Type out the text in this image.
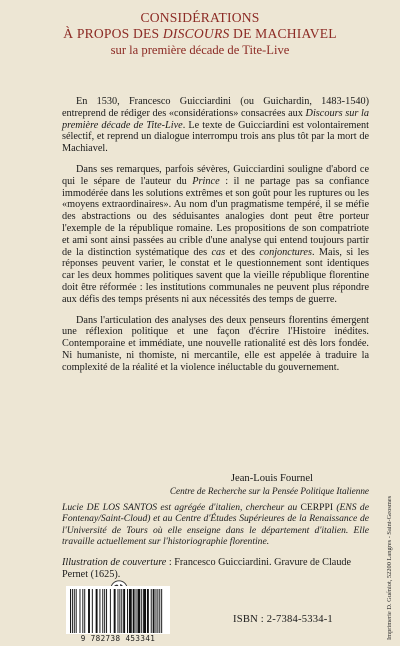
CONSIDÉRATIONS
À PROPOS DES DISCOURS DE MACHIAVEL
sur la première décade de Tite-Live

En 1530, Francesco Guicciardini (ou Guichardin, 1483-1540) entreprend de rédiger des «considérations» consacrées aux Discours sur la première décade de Tite-Live. Le texte de Guicciardini est volontairement sélectif, et reprend un dialogue interrompu trois ans plus tôt par la mort de Machiavel.

Dans ses remarques, parfois sévères, Guicciardini souligne d'abord ce qui le sépare de l'auteur du Prince : il ne partage pas sa confiance immodérée dans les solutions extrêmes et son goût pour les ruptures ou les «moyens extraordinaires». Au nom d'un pragmatisme tempéré, il se méfie des abstractions ou des séduisantes analogies dont peut être porteur l'exemple de la république romaine. Les propositions de son compatriote et ami sont ainsi passées au crible d'une analyse qui entend toujours partir de la distinction systématique des cas et des conjonctures. Mais, si les réponses peuvent varier, le constat et le questionnement sont identiques car les deux hommes politiques savent que la vieille république florentine doit être réformée : les institutions communales ne peuvent plus répondre aux défis des temps présents ni aux nécessités des temps de guerre.

Dans l'articulation des analyses des deux penseurs florentins émergent une réflexion politique et une façon d'écrire l'Histoire inédites. Contemporaine et immédiate, une nouvelle rationalité est dès lors fondée. Ni humaniste, ni thomiste, ni mercantile, elle est appelée à traduire la complexité de la réalité et la violence inéluctable du gouvernement.

Jean-Louis Fournel
Centre de Recherche sur la Pensée Politique Italienne
Lucie DE LOS SANTOS est agrégée d'italien, chercheur au CERPPI (ENS de Fontenay/Saint-Cloud) et au Centre d'Études Supérieures de la Renaissance de l'Université de Tours où elle enseigne dans le département d'italien. Elle travaille actuellement sur l'historiographie florentine.
Illustration de couverture : Francesco Guicciardini. Gravure de Claude Pernet (1625).
9 782738 453341
ISBN : 2-7384-5334-1	Imprimerie D. Guéniot, 52200 Langres - Saint-Geosmes
